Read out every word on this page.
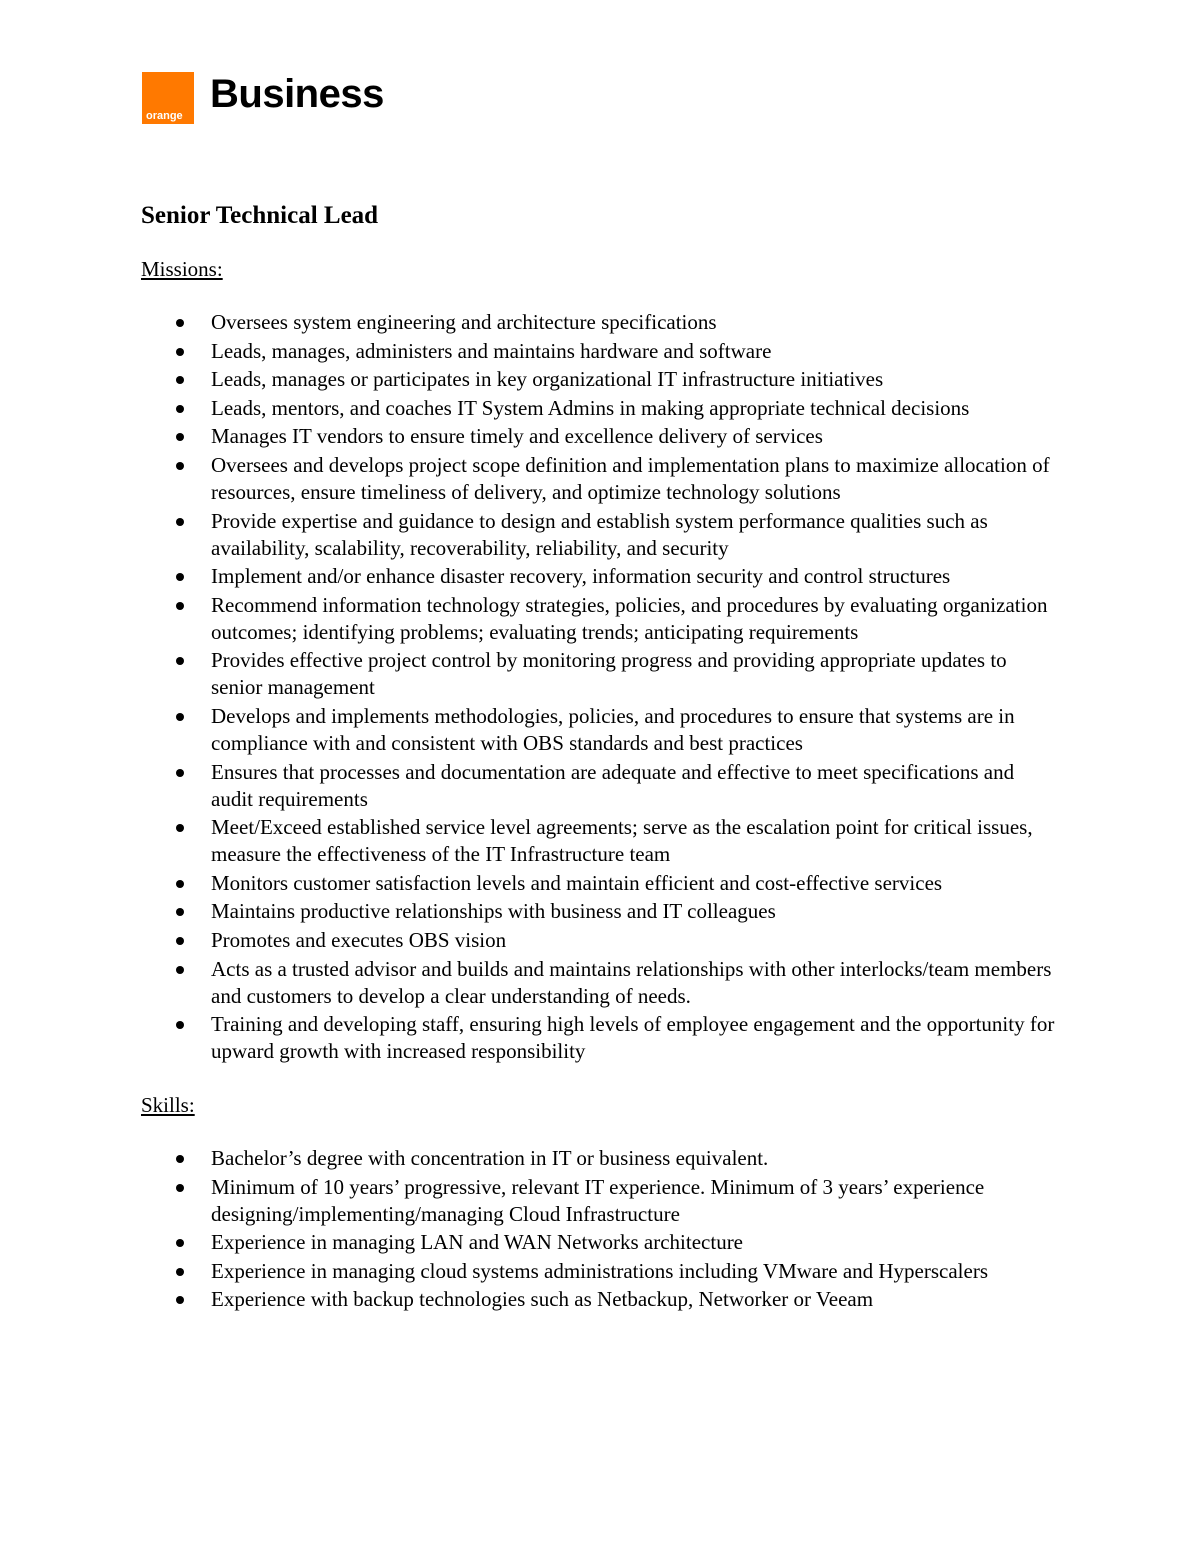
orange Business
Senior Technical Lead
Missions:
Oversees system engineering and architecture specifications
Leads, manages, administers and maintains hardware and software
Leads, manages or participates in key organizational IT infrastructure initiatives
Leads, mentors, and coaches IT System Admins in making appropriate technical decisions
Manages IT vendors to ensure timely and excellence delivery of services
Oversees and develops project scope definition and implementation plans to maximize allocation of resources, ensure timeliness of delivery, and optimize technology solutions
Provide expertise and guidance to design and establish system performance qualities such as availability, scalability, recoverability, reliability, and security
Implement and/or enhance disaster recovery, information security and control structures
Recommend information technology strategies, policies, and procedures by evaluating organization outcomes; identifying problems; evaluating trends; anticipating requirements
Provides effective project control by monitoring progress and providing appropriate updates to senior management
Develops and implements methodologies, policies, and procedures to ensure that systems are in compliance with and consistent with OBS standards and best practices
Ensures that processes and documentation are adequate and effective to meet specifications and audit requirements
Meet/Exceed established service level agreements; serve as the escalation point for critical issues, measure the effectiveness of the IT Infrastructure team
Monitors customer satisfaction levels and maintain efficient and cost-effective services
Maintains productive relationships with business and IT colleagues
Promotes and executes OBS vision
Acts as a trusted advisor and builds and maintains relationships with other interlocks/team members and customers to develop a clear understanding of needs.
Training and developing staff, ensuring high levels of employee engagement and the opportunity for upward growth with increased responsibility
Skills:
Bachelor’s degree with concentration in IT or business equivalent.
Minimum of 10 years’ progressive, relevant IT experience. Minimum of 3 years’ experience designing/implementing/managing Cloud Infrastructure
Experience in managing LAN and WAN Networks architecture
Experience in managing cloud systems administrations including VMware and Hyperscalers
Experience with backup technologies such as Netbackup, Networker or Veeam
